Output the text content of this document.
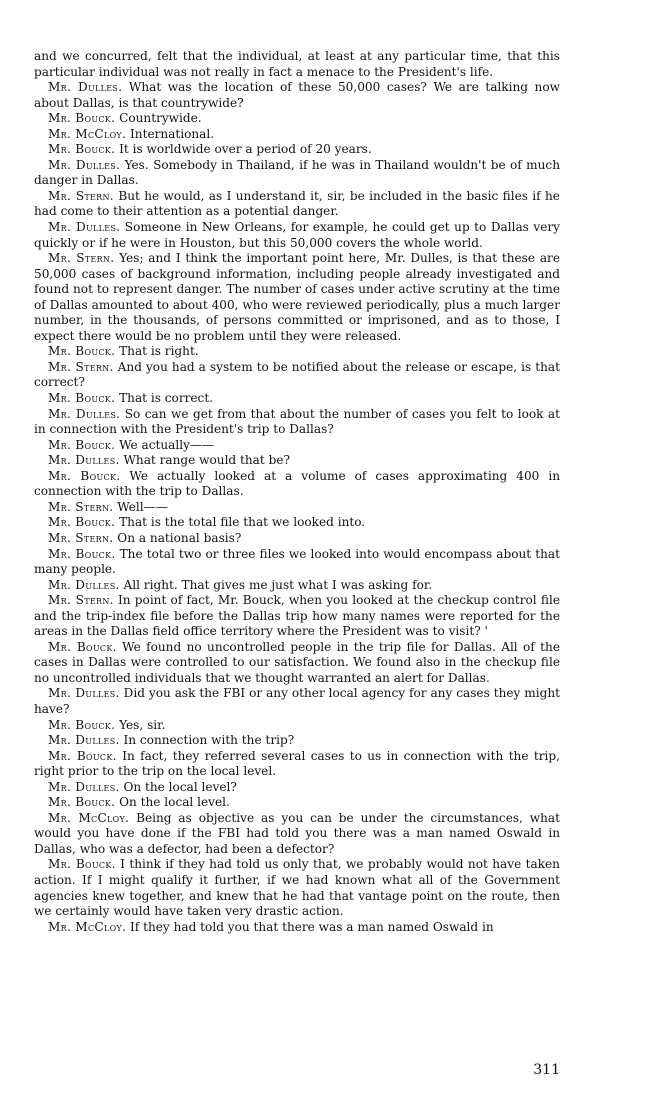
and we concurred, felt that the individual, at least at any particular time, that this particular individual was not really in fact a menace to the President's life.

Mr. Dulles. What was the location of these 50,000 cases? We are talking now about Dallas, is that countrywide?

Mr. Bouck. Countrywide.

Mr. McCloy. International.

Mr. Bouck. It is worldwide over a period of 20 years.

Mr. Dulles. Yes. Somebody in Thailand, if he was in Thailand wouldn't be of much danger in Dallas.

Mr. Stern. But he would, as I understand it, sir, be included in the basic files if he had come to their attention as a potential danger.

Mr. Dulles. Someone in New Orleans, for example, he could get up to Dallas very quickly or if he were in Houston, but this 50,000 covers the whole world.

Mr. Stern. Yes; and I think the important point here, Mr. Dulles, is that these are 50,000 cases of background information, including people already investigated and found not to represent danger. The number of cases under active scrutiny at the time of Dallas amounted to about 400, who were reviewed periodically, plus a much larger number, in the thousands, of persons committed or imprisoned, and as to those, I expect there would be no problem until they were released.

Mr. Bouck. That is right.

Mr. Stern. And you had a system to be notified about the release or escape, is that correct?

Mr. Bouck. That is correct.

Mr. Dulles. So can we get from that about the number of cases you felt to look at in connection with the President's trip to Dallas?

Mr. Bouck. We actually——

Mr. Dulles. What range would that be?

Mr. Bouck. We actually looked at a volume of cases approximating 400 in connection with the trip to Dallas.

Mr. Stern. Well——

Mr. Bouck. That is the total file that we looked into.

Mr. Stern. On a national basis?

Mr. Bouck. The total two or three files we looked into would encompass about that many people.

Mr. Dulles. All right. That gives me just what I was asking for.

Mr. Stern. In point of fact, Mr. Bouck, when you looked at the checkup control file and the trip-index file before the Dallas trip how many names were reported for the areas in the Dallas field office territory where the President was to visit? '

Mr. Bouck. We found no uncontrolled people in the trip file for Dallas. All of the cases in Dallas were controlled to our satisfaction. We found also in the checkup file no uncontrolled individuals that we thought warranted an alert for Dallas.

Mr. Dulles. Did you ask the FBI or any other local agency for any cases they might have?

Mr. Bouck. Yes, sir.

Mr. Dulles. In connection with the trip?

Mr. Bouck. In fact, they referred several cases to us in connection with the trip, right prior to the trip on the local level.

Mr. Dulles. On the local level?

Mr. Bouck. On the local level.

Mr. McCloy. Being as objective as you can be under the circumstances, what would you have done if the FBI had told you there was a man named Oswald in Dallas, who was a defector, had been a defector?

Mr. Bouck. I think if they had told us only that, we probably would not have taken action. If I might qualify it further, if we had known what all of the Government agencies knew together, and knew that he had that vantage point on the route, then we certainly would have taken very drastic action.

Mr. McCloy. If they had told you that there was a man named Oswald in

311
